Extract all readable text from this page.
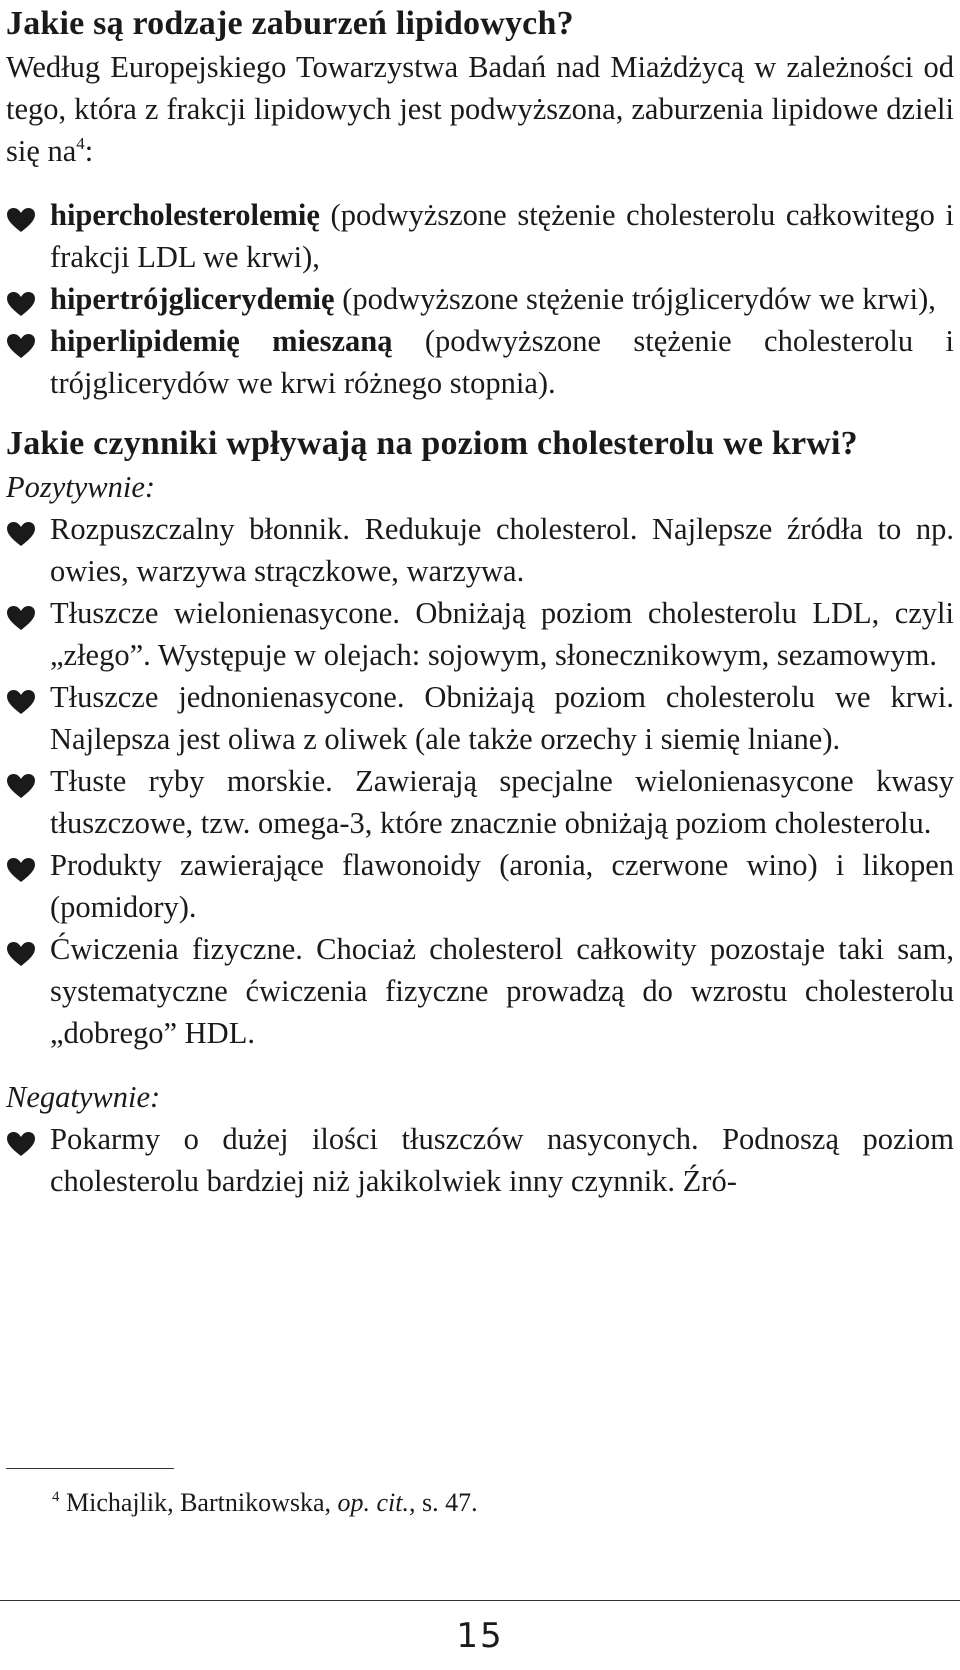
Jakie są rodzaje zaburzeń lipidowych?

Według Europejskiego Towarzystwa Badań nad Miażdżycą w zależności od tego, która z frakcji lipidowych jest podwyższona, zaburzenia lipidowe dzieli się $na^4$:

hipercholesterolemię (podwyższone stężenie cholesterolu całkowitego i frakcji LDL we krwi),
hipertrójglicerydemię (podwyższone stężenie trójglicerydów we krwi),
hiperlipidemię mieszaną (podwyższone stężenie cholesterolu i trójglicerydów we krwi różnego stopnia).
Jakie czynniki wpływają na poziom cholesterolu we krwi?

Pozytywnie:

Rozpuszczalny błonnik. Redukuje cholesterol. Najlepsze źródła to np. owies, warzywa strączkowe, warzywa.
Tłuszcze wielonienasycone. Obniżają poziom cholesterolu LDL, czyli „złego”. Występuje w olejach: sojowym, słonecznikowym, sezamowym.
Tłuszcze jednonienasycone. Obniżają poziom cholesterolu we krwi. Najlepsza jest oliwa z oliwek (ale także orzechy i siemię lniane).
Tłuste ryby morskie. Zawierają specjalne wielonienasycone kwasy tłuszczowe, tzw. omega-3, które znacznie obniżają poziom cholesterolu.
Produkty zawierające flawonoidy (aronia, czerwone wino) i likopen (pomidory).
Ćwiczenia fizyczne. Chociaż cholesterol całkowity pozostaje taki sam, systematyczne ćwiczenia fizyczne prowadzą do wzrostu cholesterolu „dobrego” HDL.

Negatywnie:

Pokarmy o dużej ilości tłuszczów nasyconych. Podnoszą poziom cholesterolu bardziej niż jakikolwiek inny czynnik. Źró-
$^4$ Michajlik, Bartnikowska, op. cit., s. 47.
15
